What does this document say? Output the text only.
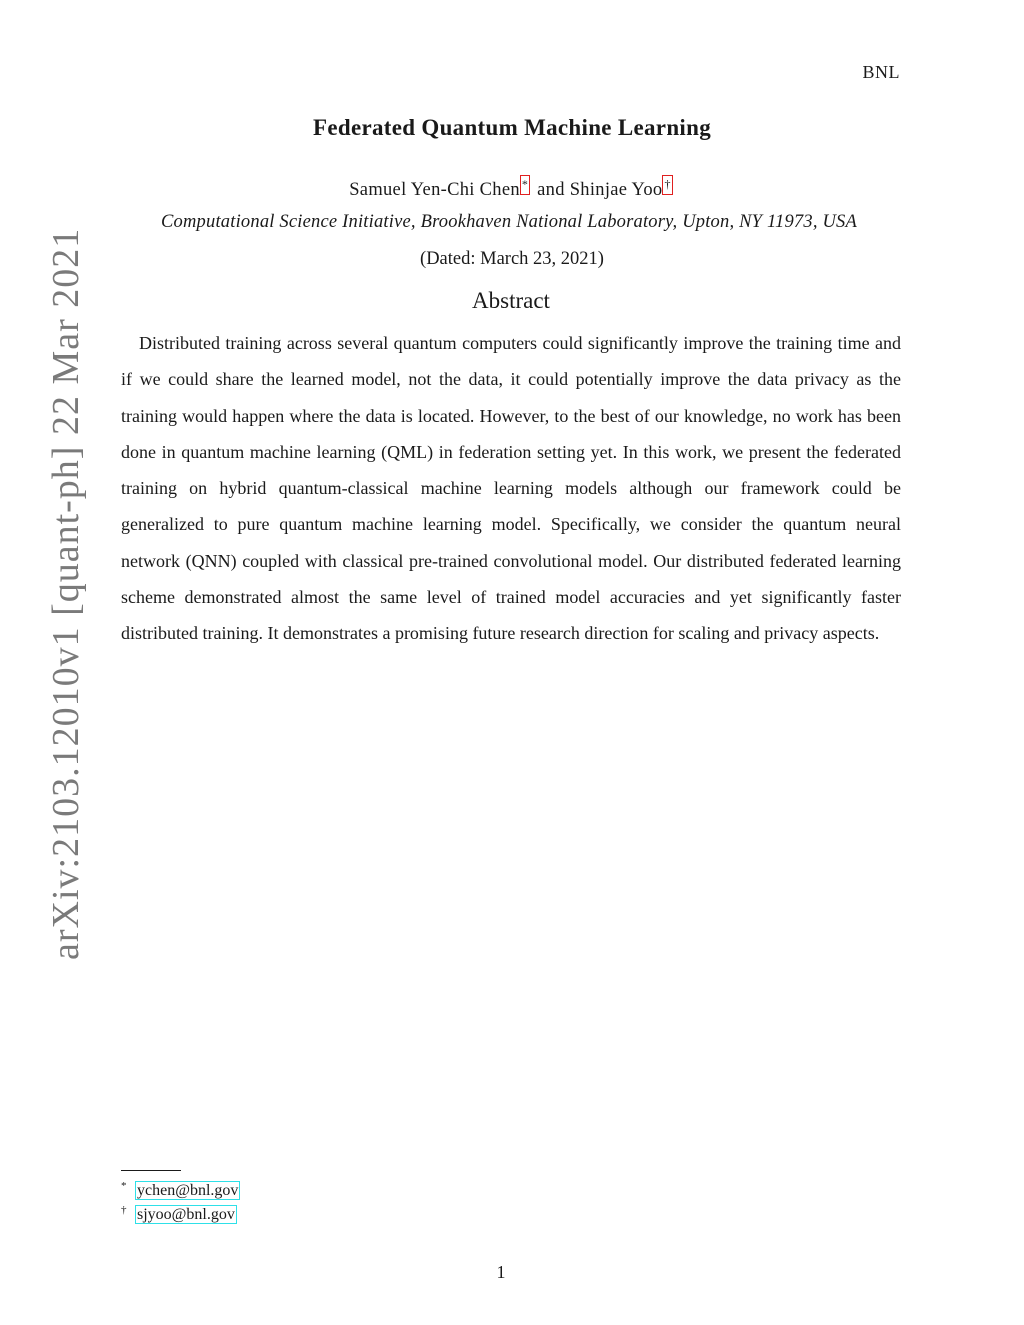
BNL
arXiv:2103.12010v1 [quant-ph] 22 Mar 2021
Federated Quantum Machine Learning
Samuel Yen-Chi Chen * and Shinjae Yoo †
Computational Science Initiative, Brookhaven National Laboratory, Upton, NY 11973, USA
(Dated: March 23, 2021)
Abstract

Distributed training across several quantum computers could significantly improve the training time and if we could share the learned model, not the data, it could potentially improve the data privacy as the training would happen where the data is located. However, to the best of our knowledge, no work has been done in quantum machine learning (QML) in federation setting yet. In this work, we present the federated training on hybrid quantum-classical machine learning models although our framework could be generalized to pure quantum machine learning model. Specifically, we consider the quantum neural network (QNN) coupled with classical pre-trained convolutional model. Our distributed federated learning scheme demonstrated almost the same level of trained model accuracies and yet significantly faster distributed training. It demonstrates a promising future research direction for scaling and privacy aspects.

* ychen@bnl.gov
† sjyoo@bnl.gov
1
